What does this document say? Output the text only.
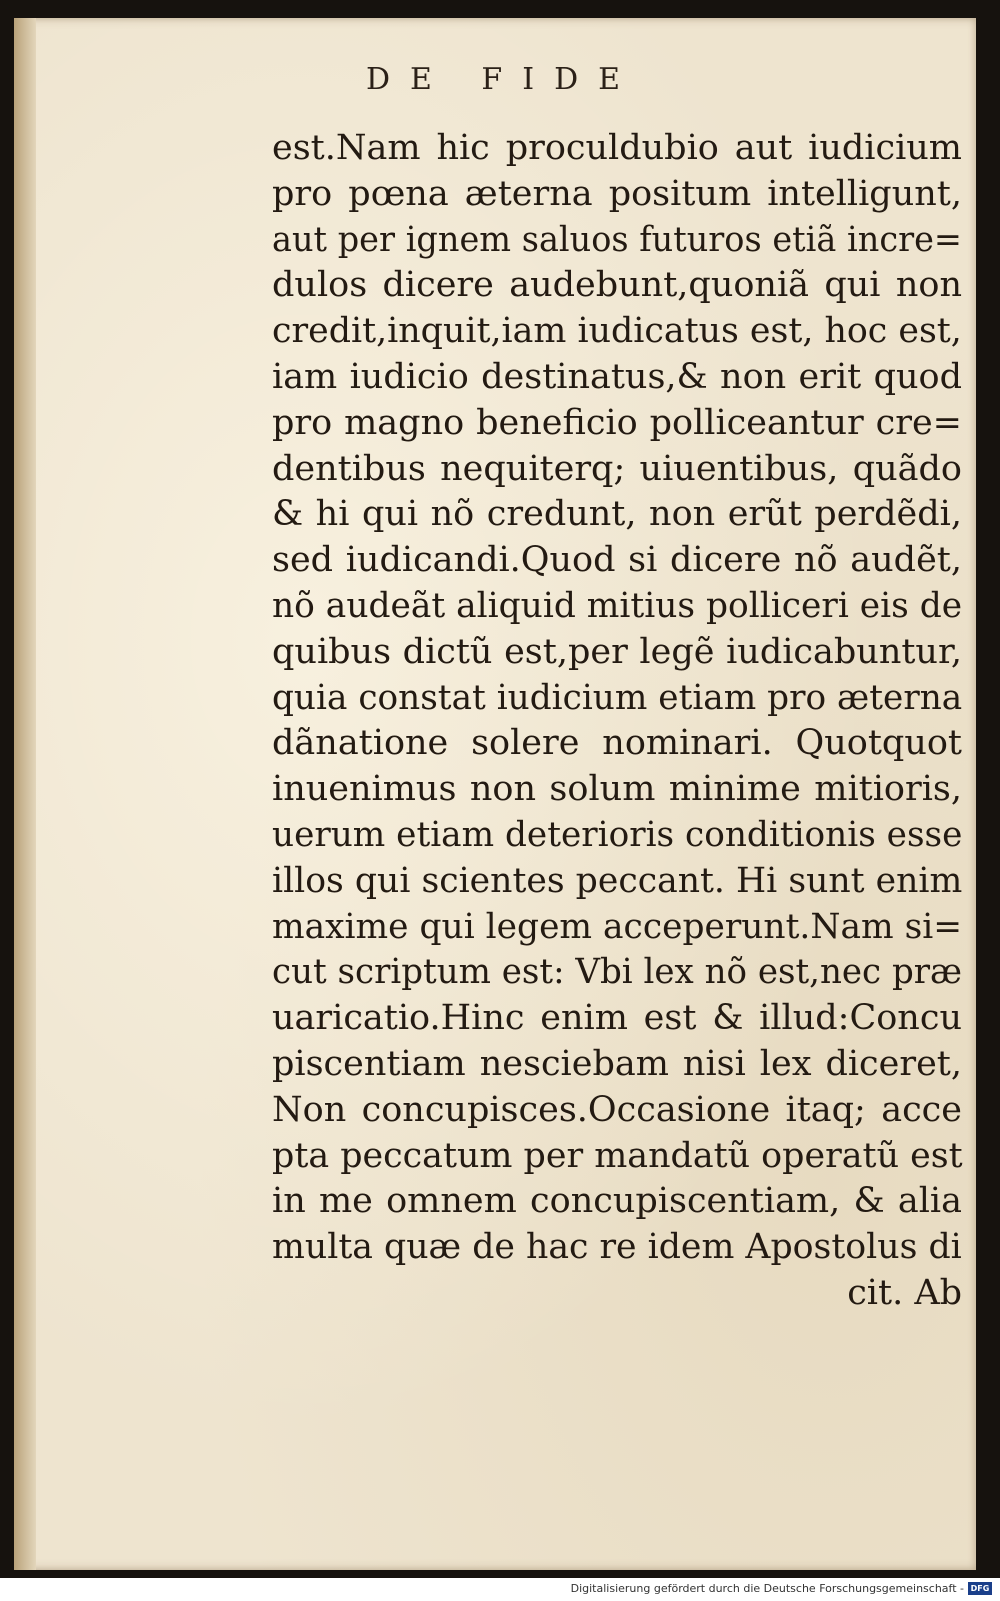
DE FIDE
est.Nam hic proculdubio aut iudicium
pro pœna æterna positum intelligunt,
aut per ignem saluos futuros etiã incre=
dulos dicere audebunt,quoniã qui non
credit,inquit,iam iudicatus est, hoc est,
iam iudicio destinatus,& non erit quod
pro magno beneficio polliceantur cre=
dentibus nequiterq; uiuentibus, quãdo
& hi qui nõ credunt, non erũt perdẽdi,
sed iudicandi.Quod si dicere nõ audẽt,
nõ audeãt aliquid mitius polliceri eis de
quibus dictũ est,per legẽ iudicabuntur,
quia constat iudicium etiam pro æterna
dãnatione solere nominari. Quotquot
inuenimus non solum minime mitioris,
uerum etiam deterioris conditionis esse
illos qui scientes peccant. Hi sunt enim
maxime qui legem acceperunt.Nam si=
cut scriptum est: Vbi lex nõ est,nec præ
uaricatio.Hinc enim est & illud:Concu
piscentiam nesciebam nisi lex diceret,
Non concupisces.Occasione itaq; acce
pta peccatum per mandatũ operatũ est
in me omnem concupiscentiam, & alia
multa quæ de hac re idem Apostolus di
cit. Ab
Digitalisierung gefördert durch die Deutsche Forschungsgemeinschaft - DFG
